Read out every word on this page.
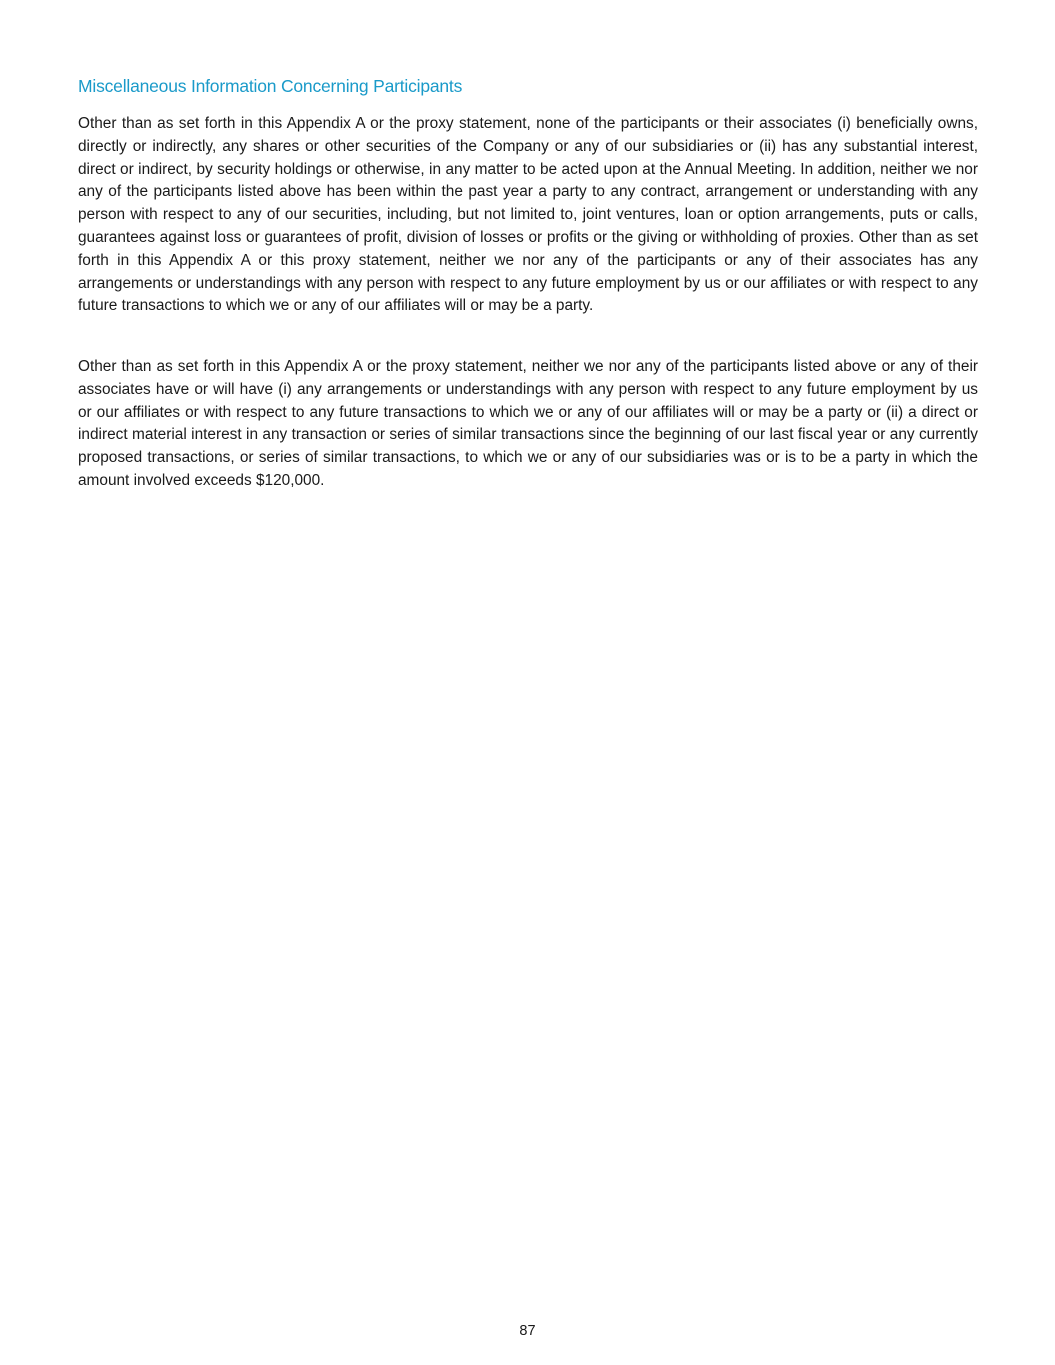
Miscellaneous Information Concerning Participants

Other than as set forth in this Appendix A or the proxy statement, none of the participants or their associates (i) beneficially owns, directly or indirectly, any shares or other securities of the Company or any of our subsidiaries or (ii) has any substantial interest, direct or indirect, by security holdings or otherwise, in any matter to be acted upon at the Annual Meeting. In addition, neither we nor any of the participants listed above has been within the past year a party to any contract, arrangement or understanding with any person with respect to any of our securities, including, but not limited to, joint ventures, loan or option arrangements, puts or calls, guarantees against loss or guarantees of profit, division of losses or profits or the giving or withholding of proxies. Other than as set forth in this Appendix A or this proxy statement, neither we nor any of the participants or any of their associates has any arrangements or understandings with any person with respect to any future employment by us or our affiliates or with respect to any future transactions to which we or any of our affiliates will or may be a party.

Other than as set forth in this Appendix A or the proxy statement, neither we nor any of the participants listed above or any of their associates have or will have (i) any arrangements or understandings with any person with respect to any future employment by us or our affiliates or with respect to any future transactions to which we or any of our affiliates will or may be a party or (ii) a direct or indirect material interest in any transaction or series of similar transactions since the beginning of our last fiscal year or any currently proposed transactions, or series of similar transactions, to which we or any of our subsidiaries was or is to be a party in which the amount involved exceeds $120,000.

87
